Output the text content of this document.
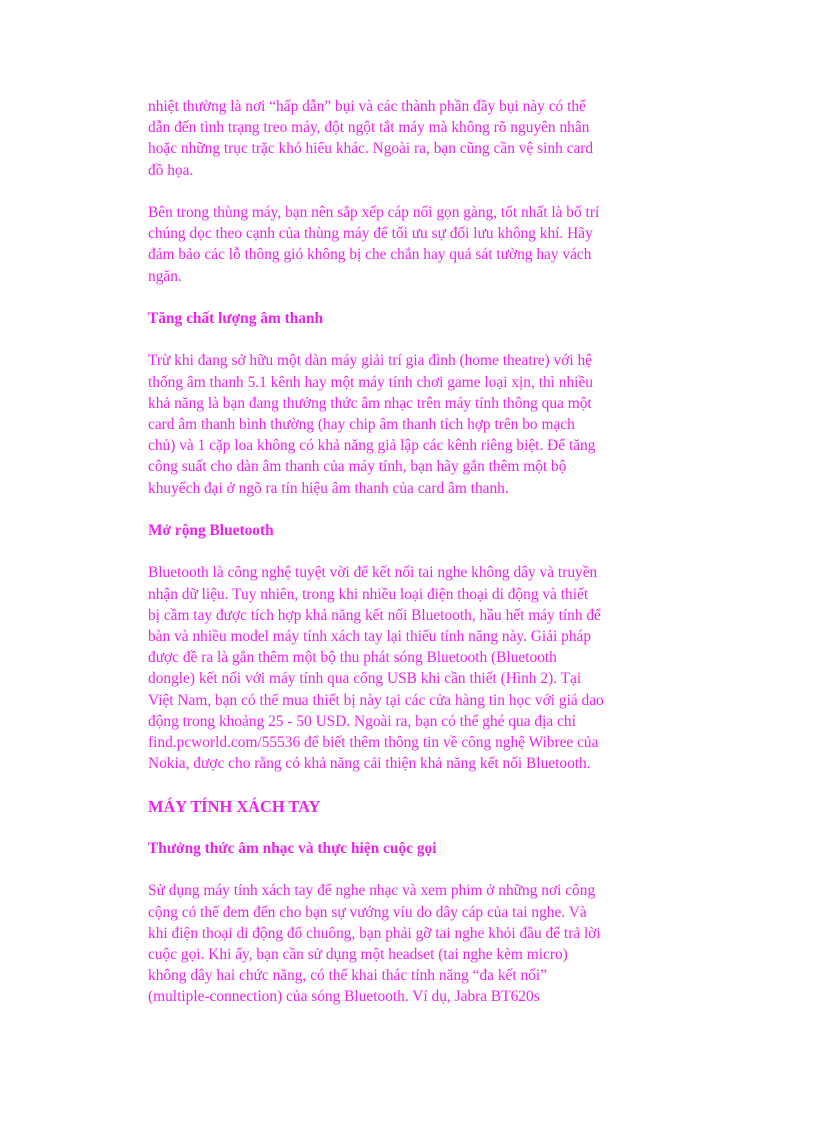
nhiệt thường là nơi “hấp dẫn” bụi và các thành phần đầy bụi này có thể
dẫn đến tình trạng treo máy, đột ngột tắt máy mà không rõ nguyên nhân
hoặc những trục trặc khó hiểu khác. Ngoài ra, bạn cũng cần vệ sinh card
đồ họa.
Bên trong thùng máy, bạn nên sắp xếp cáp nối gọn gàng, tốt nhất là bố trí
chúng dọc theo cạnh của thùng máy để tối ưu sự đối lưu không khí. Hãy
đảm bảo các lỗ thông gió không bị che chắn hay quá sát tường hay vách
ngăn.
Tăng chất lượng âm thanh
Trừ khi đang sở hữu một dàn máy giải trí gia đình (home theatre) với hệ
thống âm thanh 5.1 kênh hay một máy tính chơi game loại xịn, thì nhiều
khả năng là bạn đang thưởng thức âm nhạc trên máy tính thông qua một
card âm thanh bình thường (hay chip âm thanh tích hợp trên bo mạch
chủ) và 1 cặp loa không có khả năng giả lập các kênh riêng biệt. Để tăng
công suất cho dàn âm thanh của máy tính, bạn hãy gắn thêm một bộ
khuyếch đại ở ngõ ra tín hiệu âm thanh của card âm thanh.
Mở rộng Bluetooth
Bluetooth là công nghệ tuyệt vời để kết nối tai nghe không dây và truyền
nhận dữ liệu. Tuy nhiên, trong khi nhiều loại điện thoại di động và thiết
bị cầm tay được tích hợp khả năng kết nối Bluetooth, hầu hết máy tính để
bàn và nhiều model máy tính xách tay lại thiếu tính năng này. Giải pháp
được đề ra là gắn thêm một bộ thu phát sóng Bluetooth (Bluetooth
dongle) kết nối với máy tính qua cổng USB khi cần thiết (Hình 2). Tại
Việt Nam, bạn có thể mua thiết bị này tại các cửa hàng tin học với giá dao
động trong khoảng 25 - 50 USD. Ngoài ra, bạn có thể ghé qua địa chỉ
find.pcworld.com/55536 để biết thêm thông tin về công nghệ Wibree của
Nokia, được cho rằng có khả năng cải thiện khả năng kết nối Bluetooth.
MÁY TÍNH XÁCH TAY
Thưởng thức âm nhạc và thực hiện cuộc gọi
Sử dụng máy tính xách tay để nghe nhạc và xem phim ở những nơi công
cộng có thể đem đến cho bạn sự vướng víu do dây cáp của tai nghe. Và
khi điện thoại di động đổ chuông, bạn phải gỡ tai nghe khỏi đầu để trả lời
cuộc gọi. Khi ấy, bạn cần sử dụng một headset (tai nghe kèm micro)
không dây hai chức năng, có thể khai thác tính năng “đa kết nối”
(multiple-connection) của sóng Bluetooth. Ví dụ, Jabra BT620s
